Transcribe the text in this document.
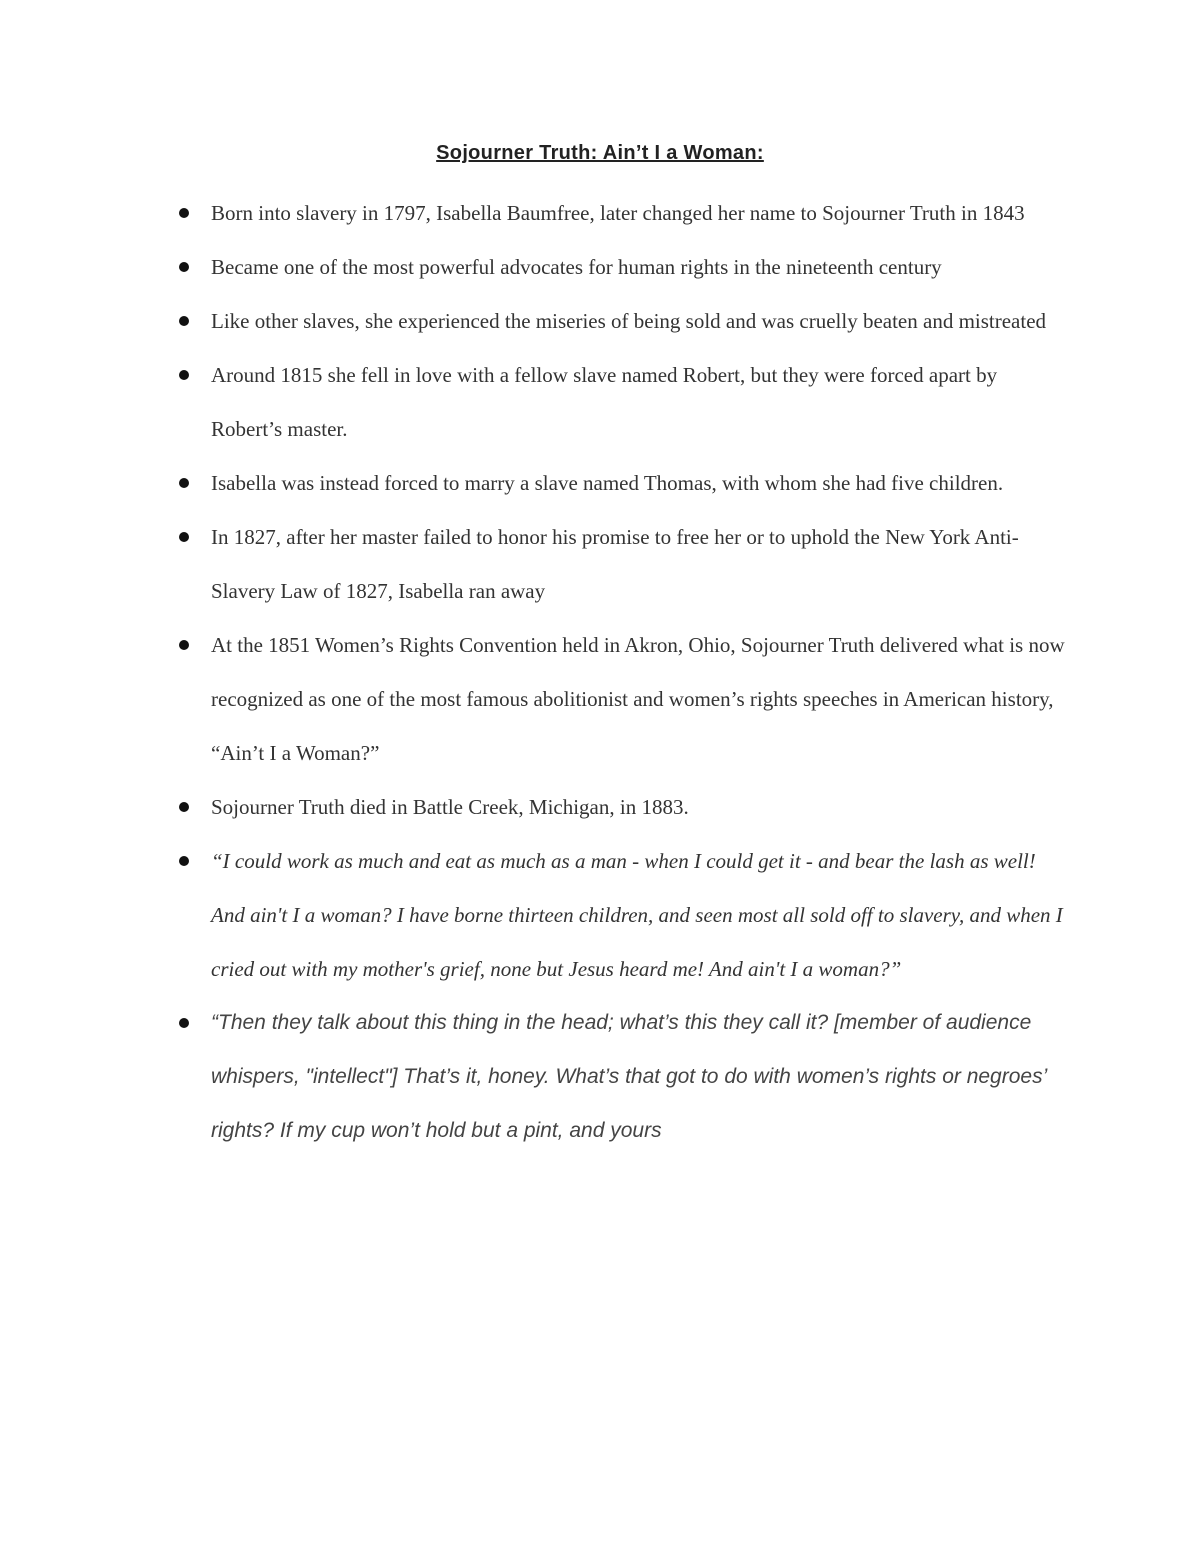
Sojourner Truth: Ain’t I a Woman:
Born into slavery in 1797, Isabella Baumfree, later changed her name to Sojourner Truth in 1843
Became one of the most powerful advocates for human rights in the nineteenth century
Like other slaves, she experienced the miseries of being sold and was cruelly beaten and mistreated
Around 1815 she fell in love with a fellow slave named Robert, but they were forced apart by Robert’s master.
Isabella was instead forced to marry a slave named Thomas, with whom she had five children.
In 1827, after her master failed to honor his promise to free her or to uphold the New York Anti-Slavery Law of 1827, Isabella ran away
At the 1851 Women’s Rights Convention held in Akron, Ohio, Sojourner Truth delivered what is now recognized as one of the most famous abolitionist and women’s rights speeches in American history, “Ain’t I a Woman?”
Sojourner Truth died in Battle Creek, Michigan, in 1883.
“I could work as much and eat as much as a man - when I could get it - and bear the lash as well! And ain't I a woman? I have borne thirteen children, and seen most all sold off to slavery, and when I cried out with my mother's grief, none but Jesus heard me! And ain't I a woman?”
“Then they talk about this thing in the head; what’s this they call it? [member of audience whispers, "intellect"] That’s it, honey. What’s that got to do with women’s rights or negroes’ rights? If my cup won’t hold but a pint, and yours
